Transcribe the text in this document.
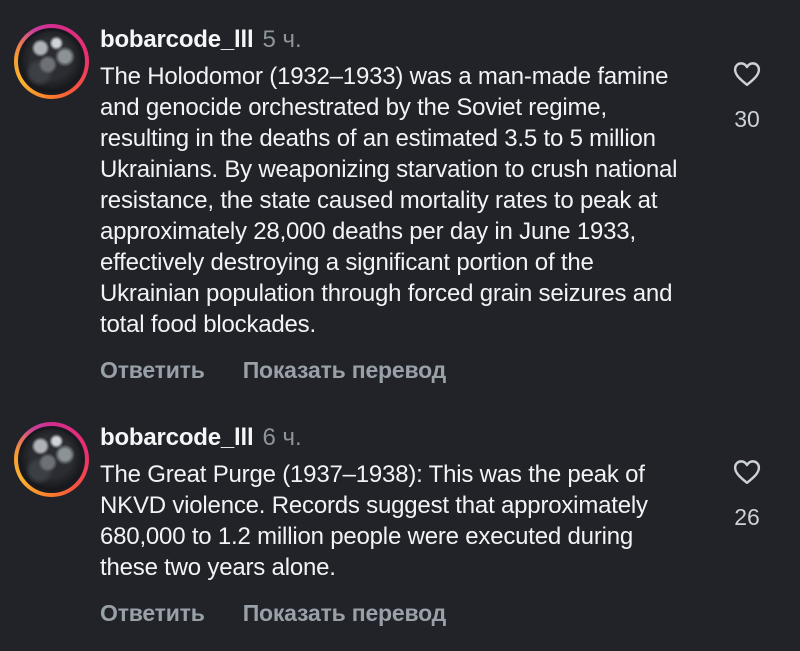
bobarcode_lll 5 ч.
The Holodomor (1932–1933) was a man-made famine and genocide orchestrated by the Soviet regime, resulting in the deaths of an estimated 3.5 to 5 million Ukrainians. By weaponizing starvation to crush national resistance, the state caused mortality rates to peak at approximately 28,000 deaths per day in June 1933, effectively destroying a significant portion of the Ukrainian population through forced grain seizures and total food blockades.
Ответить Показать перевод
30
bobarcode_lll 6 ч.
The Great Purge (1937–1938): This was the peak of NKVD violence. Records suggest that approximately 680,000 to 1.2 million people were executed during these two years alone.
Ответить Показать перевод
26
